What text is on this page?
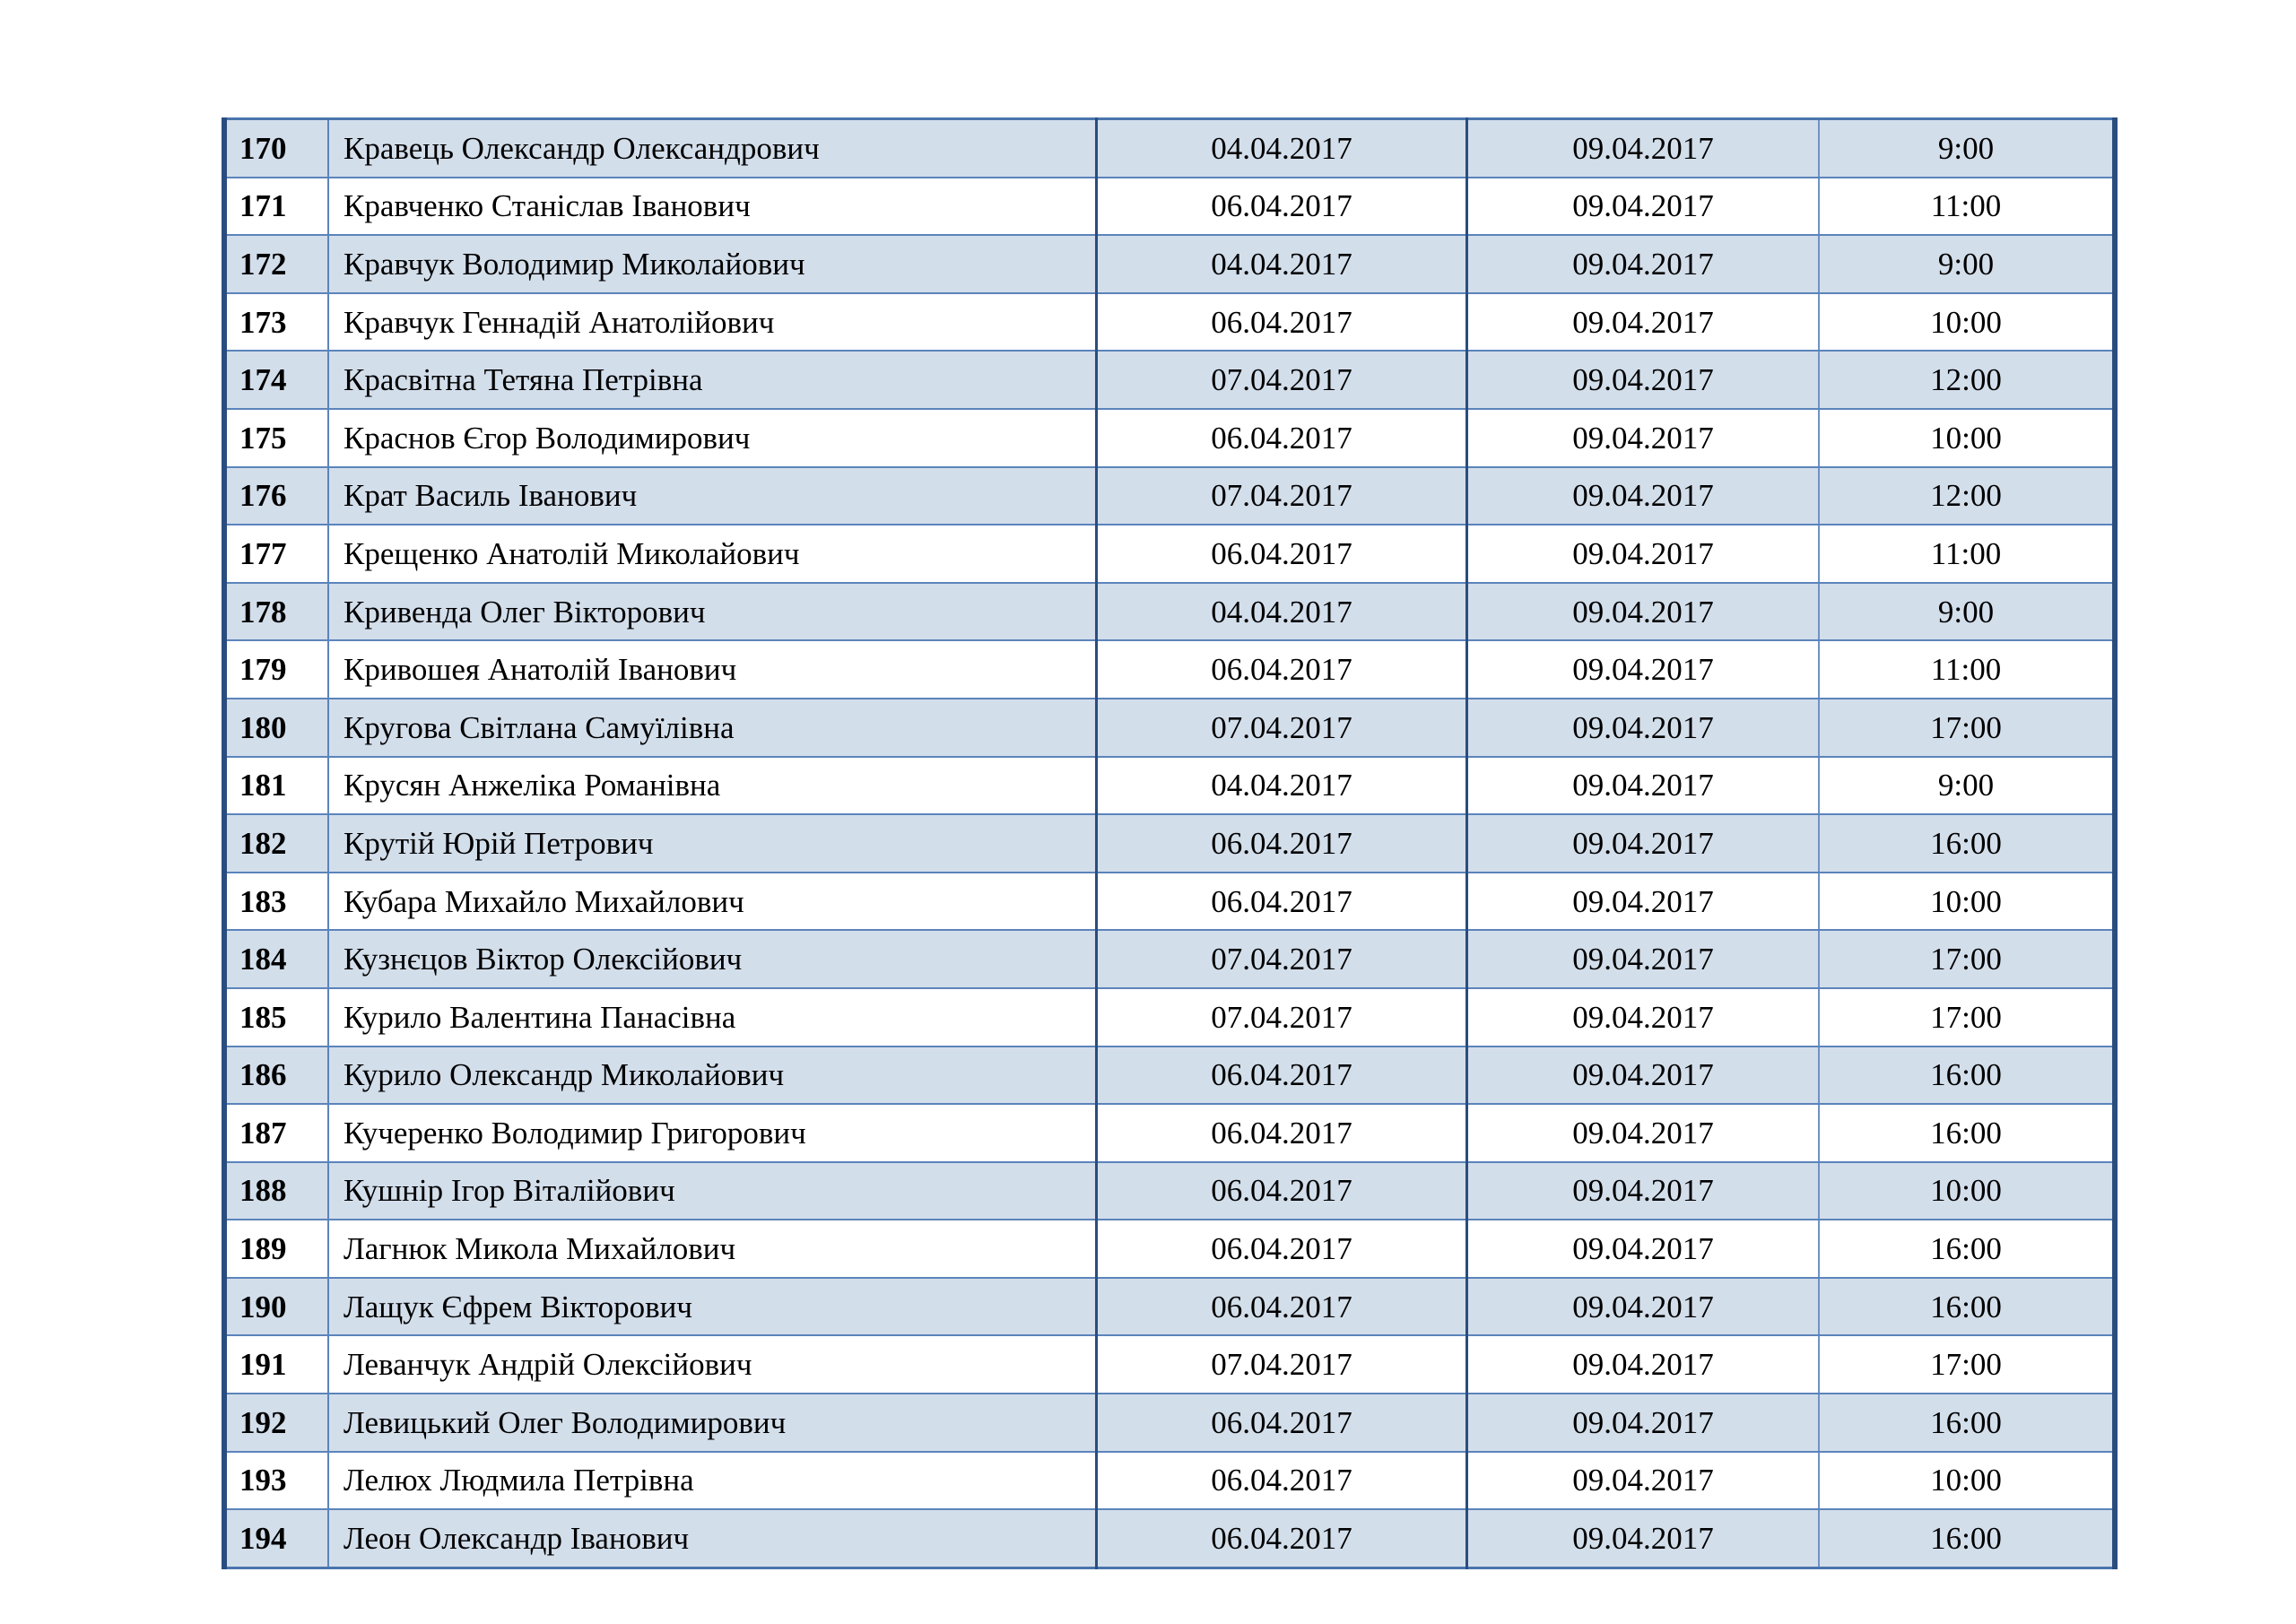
170	Кравець Олександр Олександрович	04.04.2017	09.04.2017	9:00
171	Кравченко Станіслав Іванович	06.04.2017	09.04.2017	11:00
172	Кравчук Володимир Миколайович	04.04.2017	09.04.2017	9:00
173	Кравчук Геннадій Анатолійович	06.04.2017	09.04.2017	10:00
174	Красвітна Тетяна Петрівна	07.04.2017	09.04.2017	12:00
175	Краснов Єгор Володимирович	06.04.2017	09.04.2017	10:00
176	Крат Василь Іванович	07.04.2017	09.04.2017	12:00
177	Крещенко Анатолій Миколайович	06.04.2017	09.04.2017	11:00
178	Кривенда Олег Вікторович	04.04.2017	09.04.2017	9:00
179	Кривошея Анатолій Іванович	06.04.2017	09.04.2017	11:00
180	Кругова Світлана Самуїлівна	07.04.2017	09.04.2017	17:00
181	Крусян Анжеліка Романівна	04.04.2017	09.04.2017	9:00
182	Крутій Юрій Петрович	06.04.2017	09.04.2017	16:00
183	Кубара Михайло Михайлович	06.04.2017	09.04.2017	10:00
184	Кузнєцов Віктор Олексійович	07.04.2017	09.04.2017	17:00
185	Курило Валентина Панасівна	07.04.2017	09.04.2017	17:00
186	Курило Олександр Миколайович	06.04.2017	09.04.2017	16:00
187	Кучеренко Володимир Григорович	06.04.2017	09.04.2017	16:00
188	Кушнір Ігор Віталійович	06.04.2017	09.04.2017	10:00
189	Лагнюк Микола Михайлович	06.04.2017	09.04.2017	16:00
190	Лащук Єфрем Вікторович	06.04.2017	09.04.2017	16:00
191	Леванчук Андрій Олексійович	07.04.2017	09.04.2017	17:00
192	Левицький Олег Володимирович	06.04.2017	09.04.2017	16:00
193	Лелюх Людмила Петрівна	06.04.2017	09.04.2017	10:00
194	Леон Олександр Іванович	06.04.2017	09.04.2017	16:00
